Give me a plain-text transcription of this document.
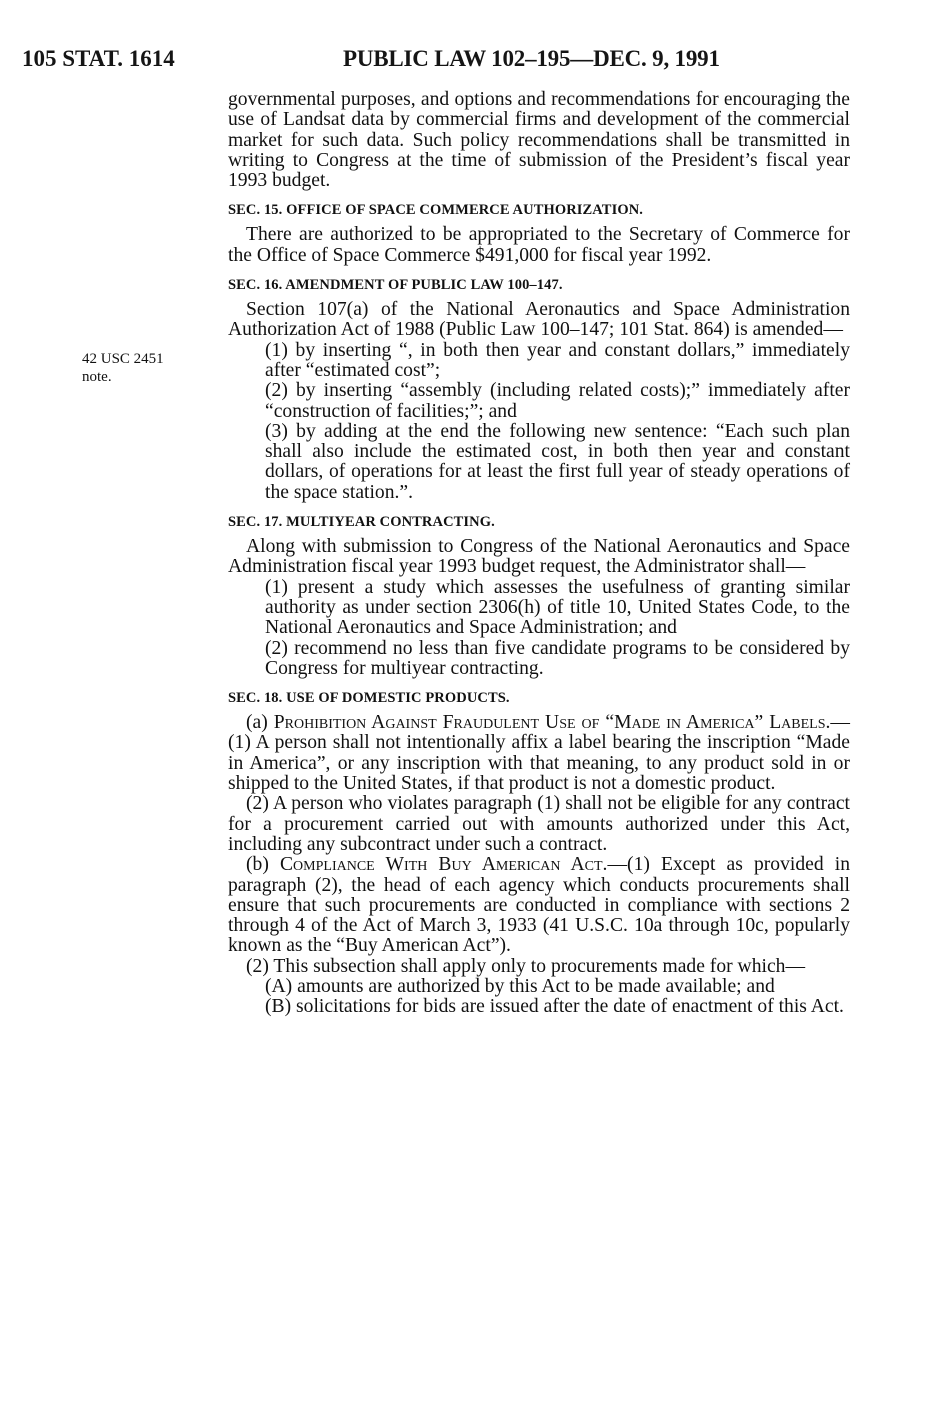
105 STAT. 1614	PUBLIC LAW 102–195—DEC. 9, 1991
42 USC 2451
note.

governmental purposes, and options and recommendations for encouraging the use of Landsat data by commercial firms and development of the commercial market for such data. Such policy recommendations shall be transmitted in writing to Congress at the time of submission of the President’s fiscal year 1993 budget.

SEC. 15. OFFICE OF SPACE COMMERCE AUTHORIZATION.

There are authorized to be appropriated to the Secretary of Commerce for the Office of Space Commerce $491,000 for fiscal year 1992.

SEC. 16. AMENDMENT OF PUBLIC LAW 100–147.

Section 107(a) of the National Aeronautics and Space Administration Authorization Act of 1988 (Public Law 100–147; 101 Stat. 864) is amended—

(1) by inserting “, in both then year and constant dollars,” immediately after “estimated cost”;

(2) by inserting “assembly (including related costs);” immediately after “construction of facilities;”; and

(3) by adding at the end the following new sentence: “Each such plan shall also include the estimated cost, in both then year and constant dollars, of operations for at least the first full year of steady operations of the space station.”.

SEC. 17. MULTIYEAR CONTRACTING.

Along with submission to Congress of the National Aeronautics and Space Administration fiscal year 1993 budget request, the Administrator shall—

(1) present a study which assesses the usefulness of granting similar authority as under section 2306(h) of title 10, United States Code, to the National Aeronautics and Space Administration; and

(2) recommend no less than five candidate programs to be considered by Congress for multiyear contracting.

SEC. 18. USE OF DOMESTIC PRODUCTS.

(a) Prohibition Against Fraudulent Use of “Made in America” Labels.—(1) A person shall not intentionally affix a label bearing the inscription “Made in America”, or any inscription with that meaning, to any product sold in or shipped to the United States, if that product is not a domestic product.

(2) A person who violates paragraph (1) shall not be eligible for any contract for a procurement carried out with amounts authorized under this Act, including any subcontract under such a contract.

(b) Compliance With Buy American Act.—(1) Except as provided in paragraph (2), the head of each agency which conducts procurements shall ensure that such procurements are conducted in compliance with sections 2 through 4 of the Act of March 3, 1933 (41 U.S.C. 10a through 10c, popularly known as the “Buy American Act”).

(2) This subsection shall apply only to procurements made for which—

(A) amounts are authorized by this Act to be made available; and

(B) solicitations for bids are issued after the date of enactment of this Act.
